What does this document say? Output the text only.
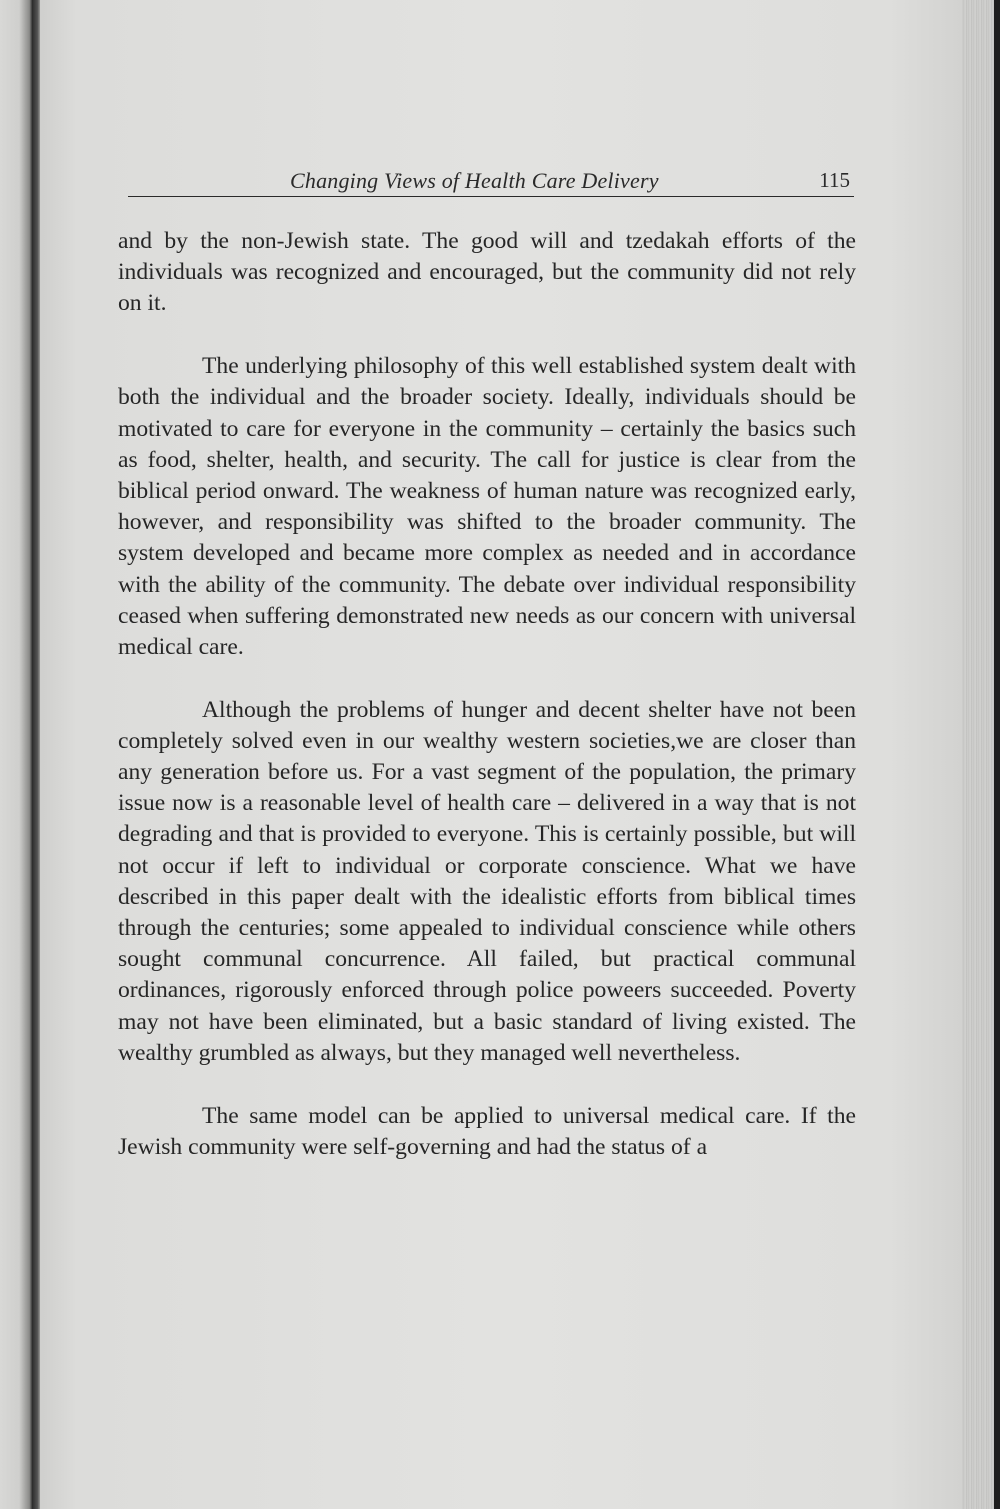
Changing Views of Health Care Delivery	115

and by the non-Jewish state. The good will and tzedakah efforts of the individuals was recognized and encouraged, but the community did not rely on it.

The underlying philosophy of this well established system dealt with both the individual and the broader society. Ideally, individuals should be motivated to care for everyone in the community – certainly the basics such as food, shelter, health, and security. The call for justice is clear from the biblical period onward. The weakness of human nature was recognized early, however, and responsibility was shifted to the broader community. The system developed and became more complex as needed and in accordance with the ability of the community. The debate over individual responsibility ceased when suffering demonstrated new needs as our concern with universal medical care.

Although the problems of hunger and decent shelter have not been completely solved even in our wealthy western societies,we are closer than any generation before us. For a vast segment of the population, the primary issue now is a reasonable level of health care – delivered in a way that is not degrading and that is provided to everyone. This is certainly possible, but will not occur if left to individual or corporate conscience. What we have described in this paper dealt with the idealistic efforts from biblical times through the centuries; some appealed to individual conscience while others sought communal concurrence. All failed, but practical communal ordinances, rigorously enforced through police poweers succeeded. Poverty may not have been eliminated, but a basic standard of living existed. The wealthy grumbled as always, but they managed well nevertheless.

The same model can be applied to universal medical care. If the Jewish community were self-governing and had the status of a
